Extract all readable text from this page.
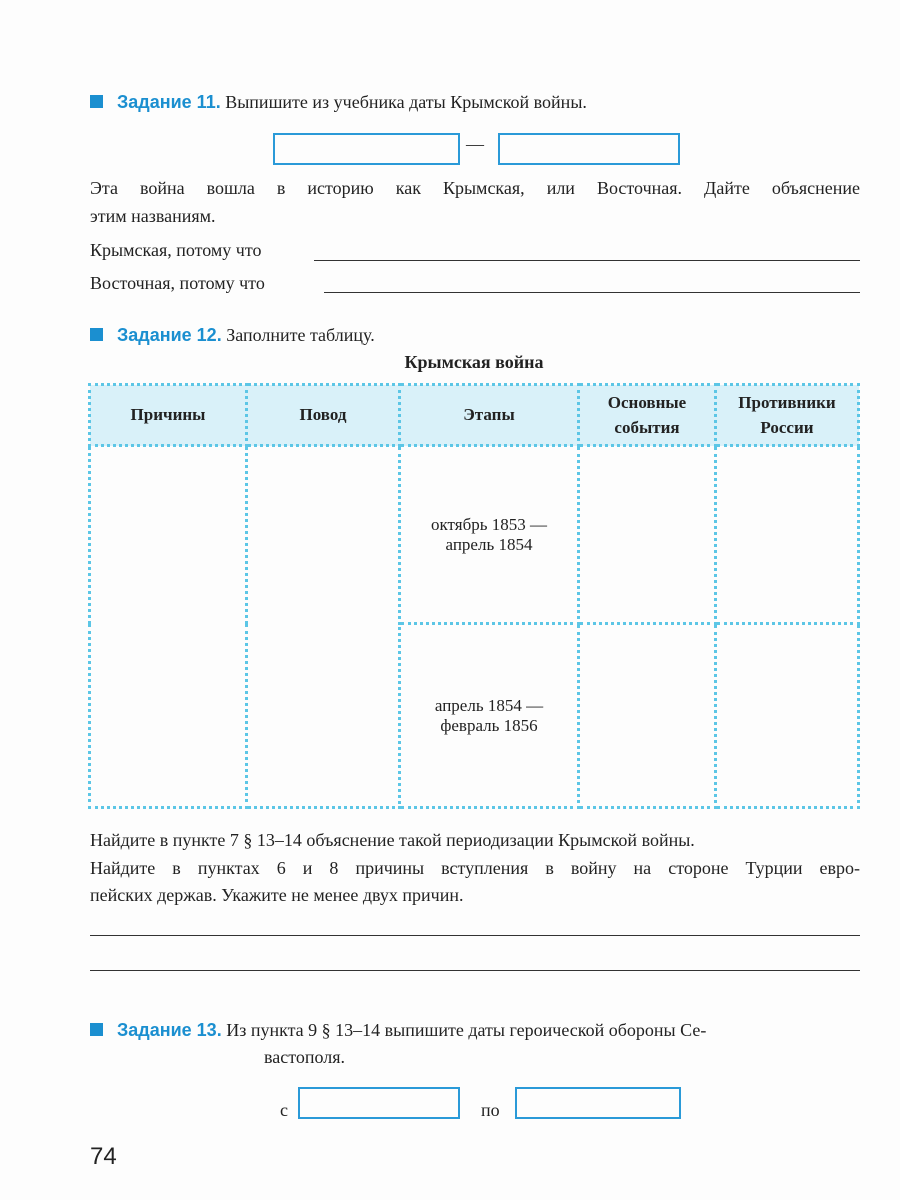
Задание 11. Выпишите из учебника даты Крымской войны.
—
Эта война вошла в историю как Крымская, или Восточная. Дайте объяснение
этим названиям.
Крымская, потому что
Восточная, потому что
Задание 12. Заполните таблицу.
Крымская война
Причины	Повод	Этапы	Основные события	Противники России

		октябрь 1853 —
апрель 1854		

		апрель 1854 —
февраль 1856		

Найдите в пункте 7 § 13–14 объяснение такой периодизации Крымской войны.
Найдите в пунктах 6 и 8 причины вступления в войну на стороне Турции евро-
пейских держав. Укажите не менее двух причин.
Задание 13. Из пункта 9 § 13–14 выпишите даты героической обороны Се-
вастополя.
с	по
74
